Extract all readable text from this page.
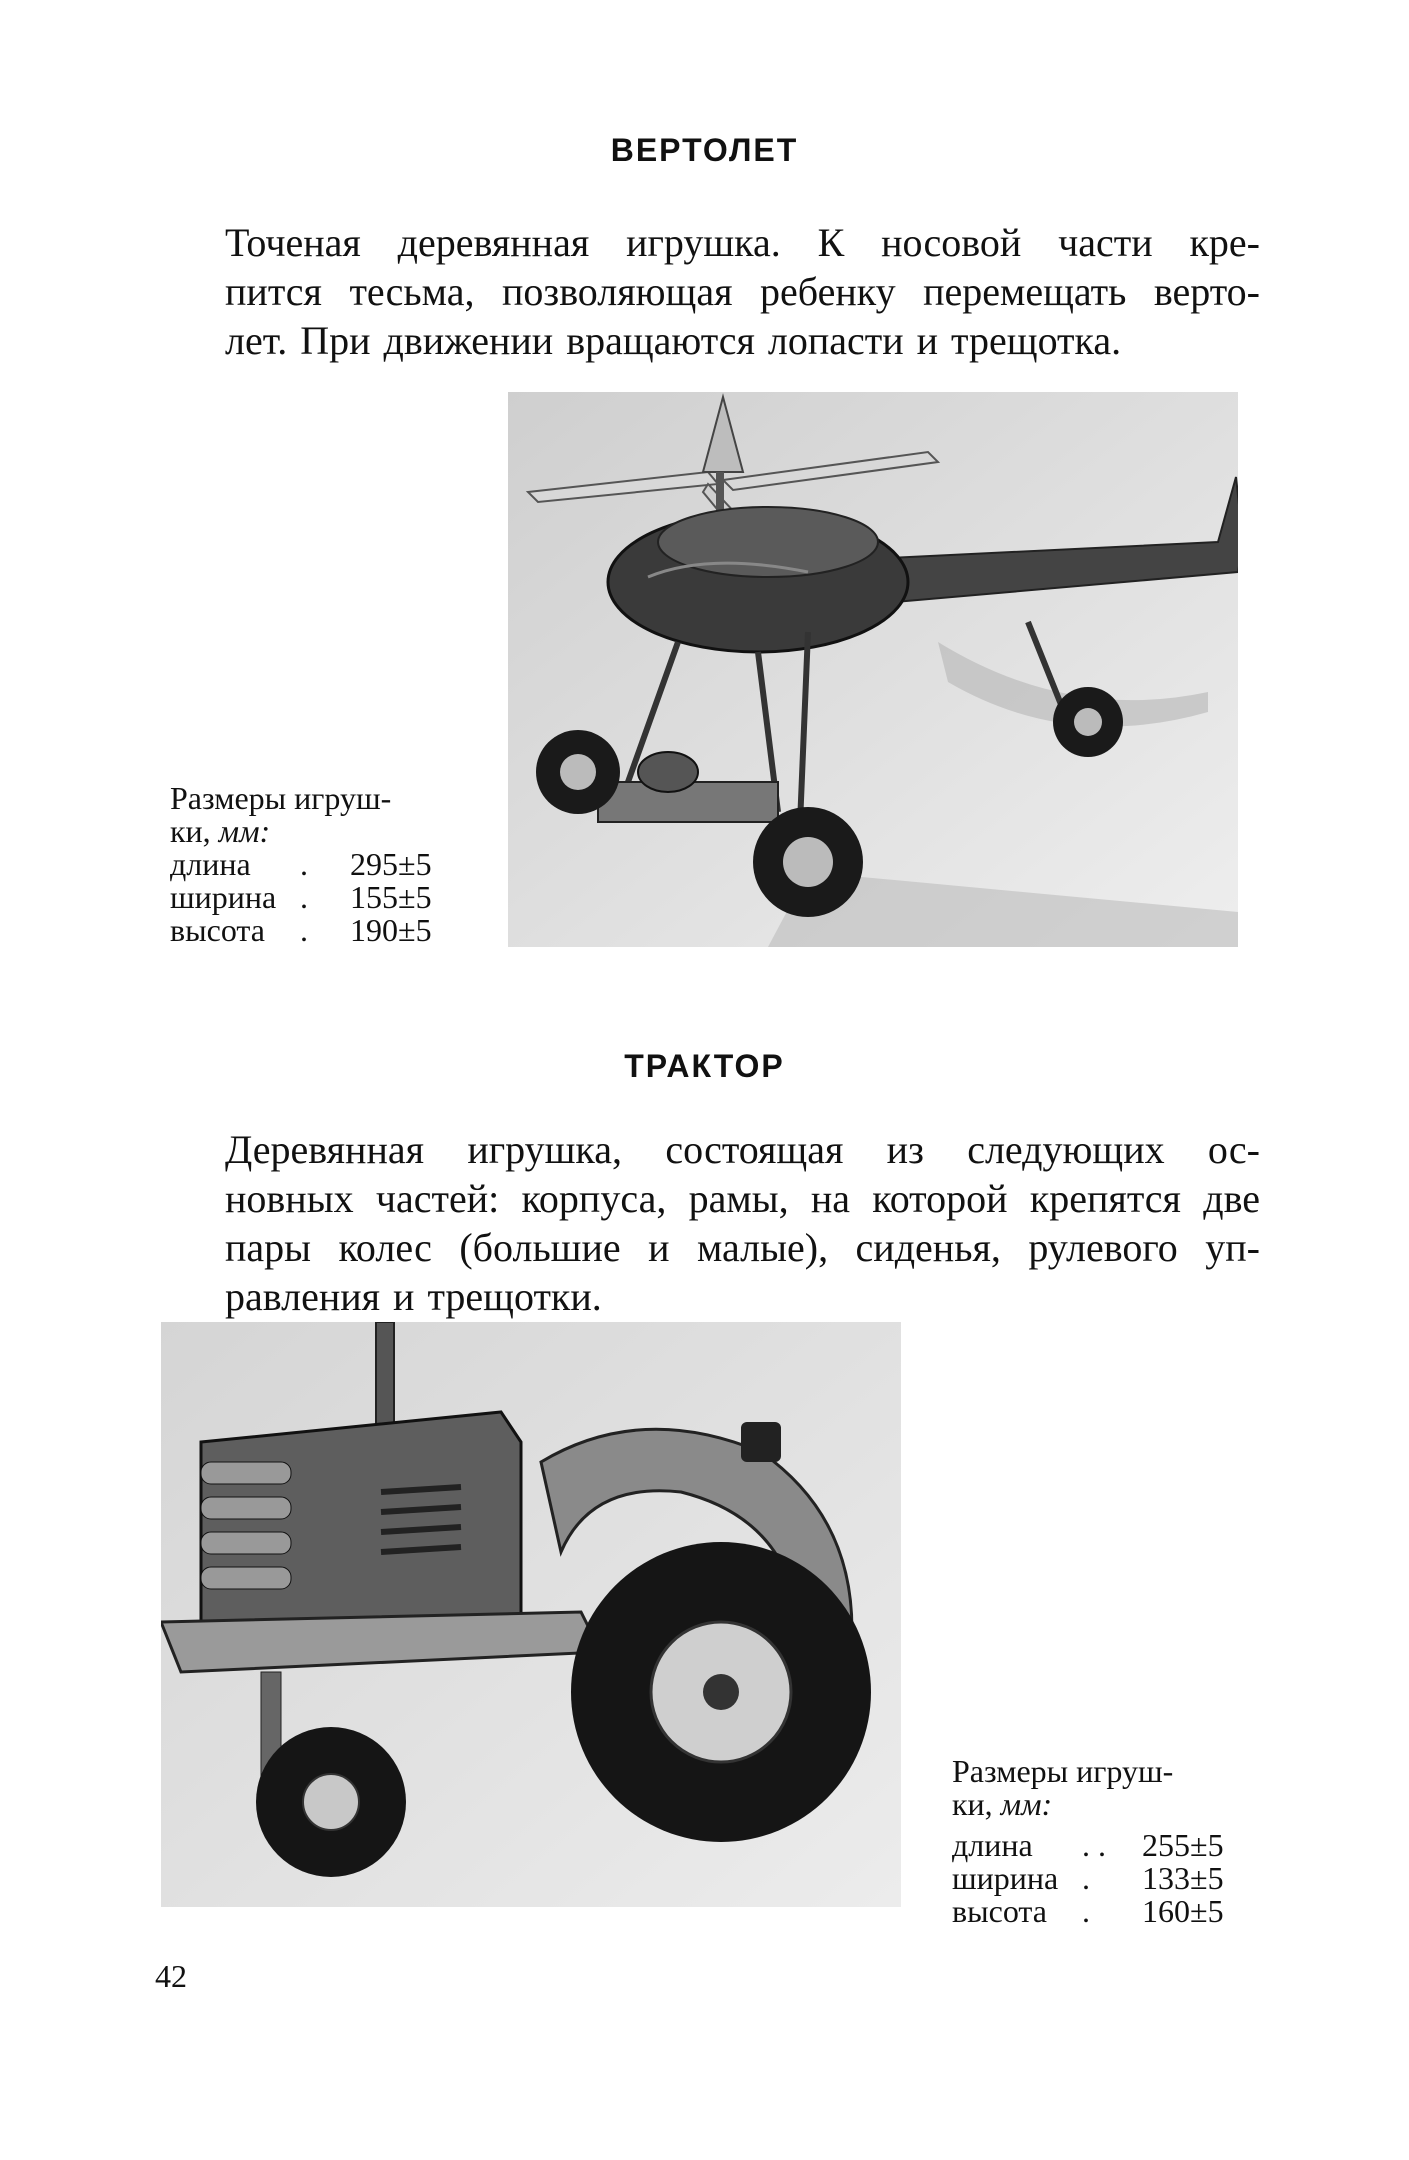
ВЕРТОЛЕТ
Точеная деревянная игрушка. К носовой части кре-
пится тесьма, позволяющая ребенку перемещать верто-
лет. При движении вращаются лопасти и трещотка.
Размеры игруш-
ки, мм:
длина	.	295±5
ширина .	155±5
высота	.	190±5
ТРАКТОР
Деревянная игрушка, состоящая из следующих ос-
новных частей: корпуса, рамы, на которой крепятся две
пары колес (большие и малые), сиденья, рулевого уп-
равления и трещотки.
Размеры игруш-
ки, мм:
длина	. .	255±5
ширина .	133±5
высота	.	160±5
42
